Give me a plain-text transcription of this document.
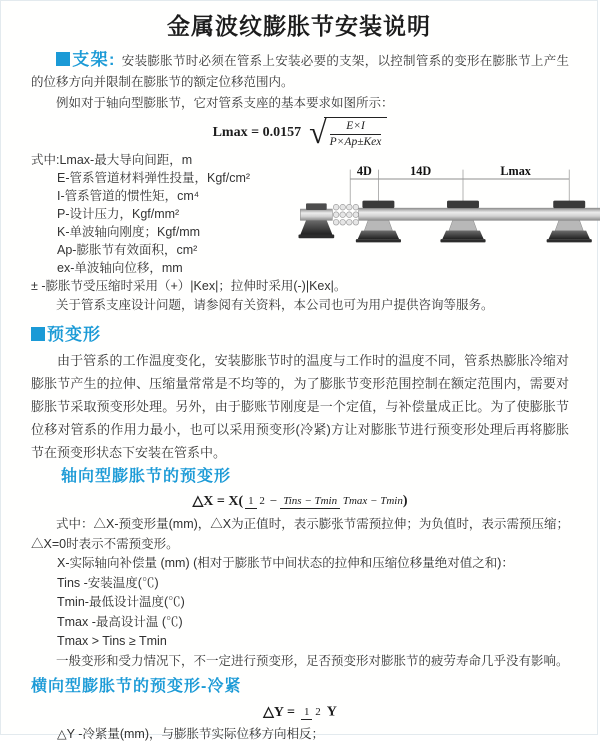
金属波纹膨胀节安装说明

支架: 安装膨胀节时必须在管系上安装必要的支架，以控制管系的变形在膨胀节上产生的位移方向并限制在膨胀节的额定位移范围内。

例如对于轴向型膨胀节，它对管系支座的基本要求如图所示：

Lmax = 0.0157 √ $\frac{E\times I}{\text{P×Ap±Kex}}$
式中:Lmax-最大导向间距，m
E-管系管道材料弹性投量，Kgf/cm²
I-管系管道的惯性矩，cm⁴
P-设计压力，Kgf/mm²
K-单波轴向刚度；Kgf/mm
Ap-膨胀节有效面积，cm²
ex-单波轴向位移，mm
4D	14D	Lmax
± -膨胀节受压缩时采用（+）|Kex|；拉伸时采用(-)|Kex|。
关于管系支座设计问题，请参阅有关资料，本公司也可为用户提供咨询等服务。
预变形

由于管系的工作温度变化，安装膨胀节时的温度与工作时的温度不同，管系热膨胀冷缩对膨胀节产生的拉伸、压缩量常常是不均等的，为了膨胀节变形范围控制在额定范围内，需要对膨胀节采取预变形处理。另外，由于膨账节刚度是一个定值，与补偿量成正比。为了使膨胀节位移对管系的作用力最小，也可以采用预变形(冷紧)方让对膨胀节进行预变形处理后再将膨胀节在预变形状态下安装在管系中。

轴向型膨胀节的预变形
△X = X( 1 2 − Tins − Tmin Tmax − Tmin)

式中：△X-预变形量(mm)，△X为正值时，表示膨张节需预拉伸；为负值时，表示需预压缩；△X=0时表示不需预变形。

X-实际轴向补偿量 (mm) (相对于膨胀节中间状态的拉伸和压缩位移量绝对值之和)：
Tins -安装温度(℃)
Tmin-最低设计温度(℃)
Tmax -最高设计温 (℃)
Tmax > Tins ≥ Tmin
一般变形和受力情况下，不一定进行预变形，足否预变形对膨胀节的疲劳寿命几乎没有影响。
横向型膨胀节的预变形-冷紧
△Y = 1 2 Y
△Y -冷紧量(mm)，与膨胀节实际位移方向相反；
